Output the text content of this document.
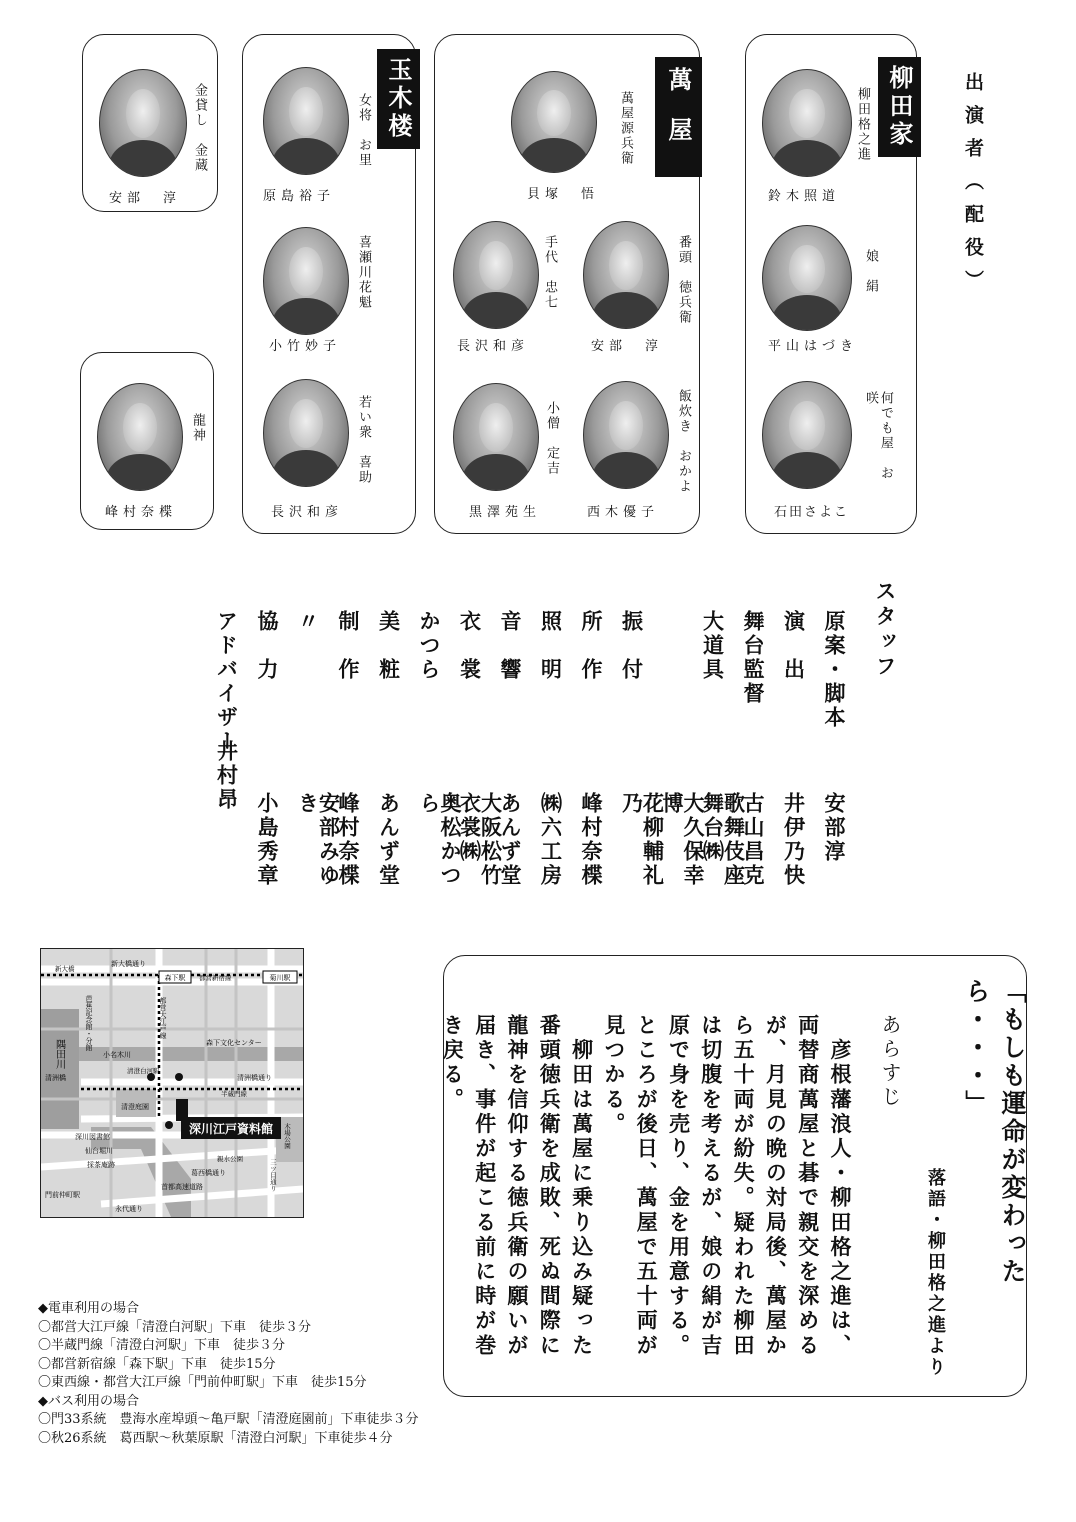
出演者（配役）
金貸し　金蔵
安部　淳
龍神
峰村奈楪
玉木楼
女将　お里
原島裕子
喜瀬川花魁
小竹妙子
若い衆　喜助
長沢和彦
萬屋
萬屋源兵衛
貝塚　悟
手代　忠七
長沢和彦
番頭　徳兵衛
安部　淳
小僧　定吉
黒澤苑生
飯炊き　おかよ
西木優子
柳田家
柳田格之進
鈴木照道
娘　絹
平山はづき
何でも屋　お咲
石田さよこ
スタッフ
原案・脚本
安部淳
演　出
井伊乃快
舞台監督
古山昌克
大道具
歌舞伎座舞台㈱
大久保幸博
振　付
花柳輔礼乃
所　作
峰村奈楪
照　明
㈱六工房
音　響
あんず堂
衣　裳
大阪松竹衣裳㈱
かつら
奥松かつら
美　粧
あんず堂
制　作
峰村奈楪
〃
安部みゆき
協　力
小島秀章
アドバイザー
井村昂
森下駅	菊川駅
新大橋通り
都営新宿線
新大橋
都営大江戸線
芭蕉記念館・分館
隅田川	小名木川
森下文化センター
清洲橋
清澄白河駅
清洲橋通り
半蔵門線
清澄庭園
深川図書館
仙台堀川
採茶庵跡
木場公園
三ツ目通り
葛西橋通り
門前仲町駅
首都高速道路
永代通り
親水公園
深川江戸資料館
◆電車利用の場合
〇都営大江戸線「清澄白河駅」下車　徒歩３分
〇半蔵門線「清澄白河駅」下車　徒歩３分
〇都営新宿線「森下駅」下車　徒歩15分
〇東西線・都営大江戸線「門前仲町駅」下車　徒歩15分
◆バス利用の場合
〇門33系統　豊海水産埠頭〜亀戸駅「清澄庭園前」下車徒歩３分
〇秋26系統　葛西駅〜秋葉原駅「清澄白河駅」下車徒歩４分
「もしも運命が変わったら・・・」
落語・柳田格之進より
あらすじ
　彦根藩浪人・柳田格之進は、
両替商萬屋と碁で親交を深める
が、月見の晩の対局後、萬屋か
ら五十両が紛失。疑われた柳田
は切腹を考えるが、娘の絹が吉
原で身を売り、金を用意する。
ところが後日、萬屋で五十両が
見つかる。
　柳田は萬屋に乗り込み疑った
番頭徳兵衛を成敗、死ぬ間際に
龍神を信仰する徳兵衛の願いが
届き、事件が起こる前に時が巻
き戻る。
